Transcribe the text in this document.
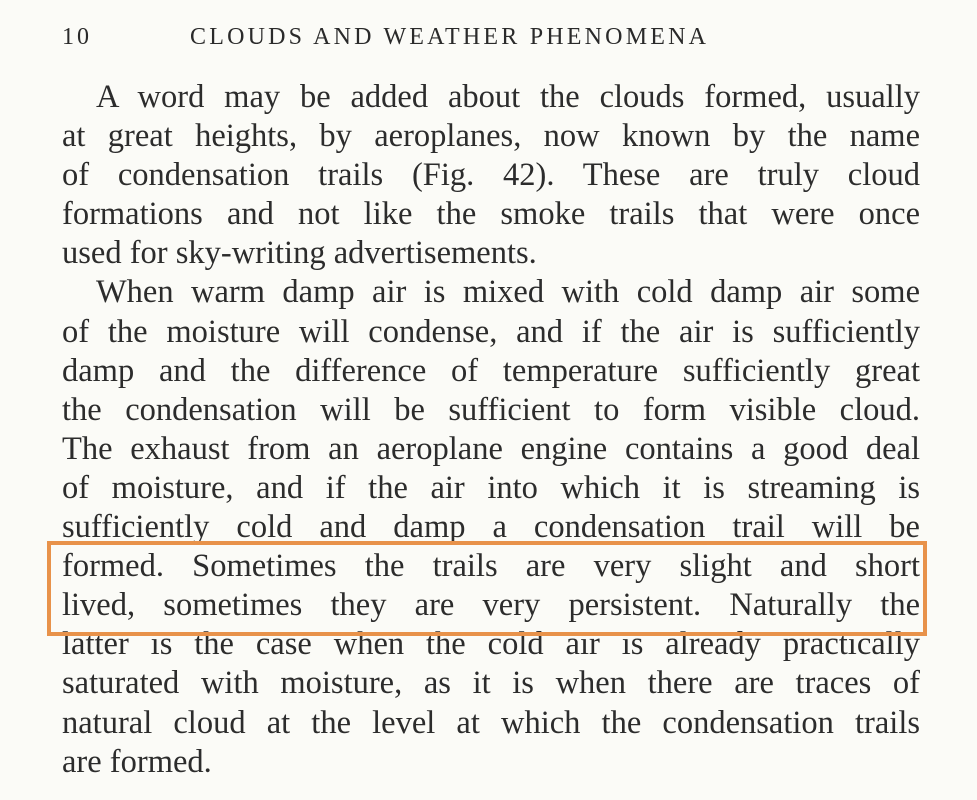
10	CLOUDS AND WEATHER PHENOMENA
A word may be added about the clouds formed, usually
at great heights, by aeroplanes, now known by the name
of condensation trails (Fig. 42). These are truly cloud
formations and not like the smoke trails that were once
used for sky-writing advertisements.
When warm damp air is mixed with cold damp air some
of the moisture will condense, and if the air is sufficiently
damp and the difference of temperature sufficiently great
the condensation will be sufficient to form visible cloud.
The exhaust from an aeroplane engine contains a good deal
of moisture, and if the air into which it is streaming is
sufficiently cold and damp a condensation trail will be
formed. Sometimes the trails are very slight and short
lived, sometimes they are very persistent. Naturally the
latter is the case when the cold air is already practically
saturated with moisture, as it is when there are traces of
natural cloud at the level at which the condensation trails
are formed.
